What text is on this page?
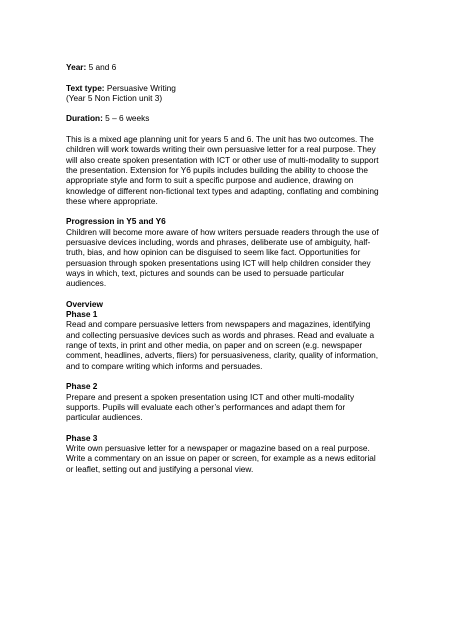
Year: 5 and 6

Text type: Persuasive Writing
(Year 5 Non Fiction unit 3)

Duration: 5 – 6 weeks

This is a mixed age planning unit for years 5 and 6. The unit has two outcomes. The
children will work towards writing their own persuasive letter for a real purpose. They
will also create spoken presentation with ICT or other use of multi-modality to support
the presentation. Extension for Y6 pupils includes building the ability to choose the
appropriate style and form to suit a specific purpose and audience, drawing on
knowledge of different non-fictional text types and adapting, conflating and combining
these where appropriate.

Progression in Y5 and Y6
Children will become more aware of how writers persuade readers through the use of
persuasive devices including, words and phrases, deliberate use of ambiguity, half-
truth, bias, and how opinion can be disguised to seem like fact. Opportunities for
persuasion through spoken presentations using ICT will help children consider they
ways in which, text, pictures and sounds can be used to persuade particular
audiences.

Overview
Phase 1
Read and compare persuasive letters from newspapers and magazines, identifying
and collecting persuasive devices such as words and phrases. Read and evaluate a
range of texts, in print and other media, on paper and on screen (e.g. newspaper
comment, headlines, adverts, fliers) for persuasiveness, clarity, quality of information,
and to compare writing which informs and persuades.

Phase 2
Prepare and present a spoken presentation using ICT and other multi-modality
supports. Pupils will evaluate each other’s performances and adapt them for
particular audiences.

Phase 3
Write own persuasive letter for a newspaper or magazine based on a real purpose.
Write a commentary on an issue on paper or screen, for example as a news editorial
or leaflet, setting out and justifying a personal view.
